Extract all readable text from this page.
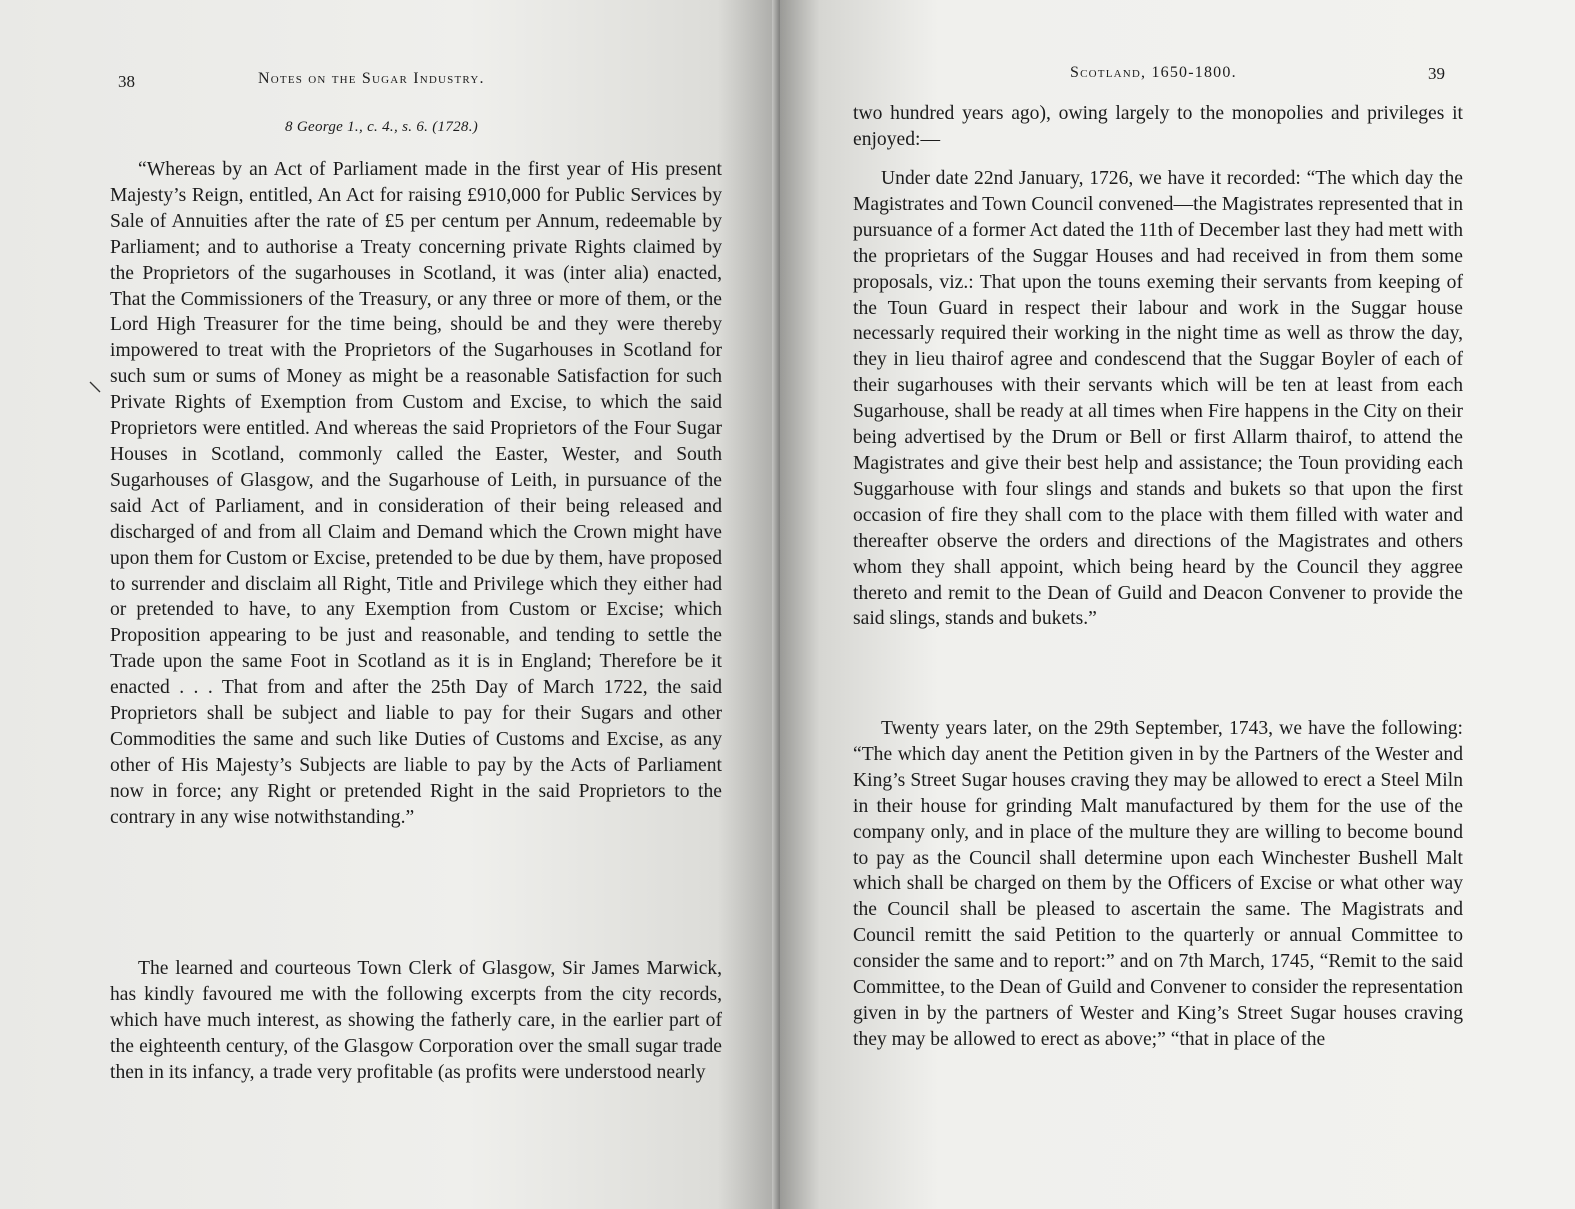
38	Notes on the Sugar Industry.
8 George 1., c. 4., s. 6. (1728.)

“Whereas by an Act of Parliament made in the first year of His present Majesty’s Reign, entitled, An Act for raising £910,000 for Public Services by Sale of Annuities after the rate of £5 per centum per Annum, redeemable by Parliament; and to authorise a Treaty concerning private Rights claimed by the Proprietors of the sugarhouses in Scotland, it was (inter alia) enacted, That the Commissioners of the Treasury, or any three or more of them, or the Lord High Treasurer for the time being, should be and they were thereby impowered to treat with the Proprietors of the Sugarhouses in Scotland for such sum or sums of Money as might be a reasonable Satisfaction for such Private Rights of Exemption from Custom and Excise, to which the said Proprietors were entitled. And whereas the said Proprietors of the Four Sugar Houses in Scotland, commonly called the Easter, Wester, and South Sugarhouses of Glasgow, and the Sugarhouse of Leith, in pursuance of the said Act of Parliament, and in consideration of their being released and discharged of and from all Claim and Demand which the Crown might have upon them for Custom or Excise, pretended to be due by them, have proposed to surrender and disclaim all Right, Title and Privilege which they either had or pretended to have, to any Exemption from Custom or Excise; which Proposition appearing to be just and reasonable, and tending to settle the Trade upon the same Foot in Scotland as it is in England; Therefore be it enacted . . . That from and after the 25th Day of March 1722, the said Proprietors shall be subject and liable to pay for their Sugars and other Commodities the same and such like Duties of Customs and Excise, as any other of His Majesty’s Subjects are liable to pay by the Acts of Parliament now in force; any Right or pretended Right in the said Proprietors to the contrary in any wise notwithstanding.”

The learned and courteous Town Clerk of Glasgow, Sir James Marwick, has kindly favoured me with the following excerpts from the city records, which have much interest, as showing the fatherly care, in the earlier part of the eighteenth century, of the Glasgow Corporation over the small sugar trade then in its infancy, a trade very profitable (as profits were understood nearly

Scotland, 1650-1800.	39

two hundred years ago), owing largely to the monopolies and privileges it enjoyed:—

Under date 22nd January, 1726, we have it recorded: “The which day the Magistrates and Town Council convened—the Magistrates represented that in pursuance of a former Act dated the 11th of December last they had mett with the proprietars of the Suggar Houses and had received in from them some proposals, viz.: That upon the touns exeming their servants from keeping of the Toun Guard in respect their labour and work in the Suggar house necessarly required their working in the night time as well as throw the day, they in lieu thairof agree and condescend that the Suggar Boyler of each of their sugarhouses with their servants which will be ten at least from each Sugarhouse, shall be ready at all times when Fire happens in the City on their being advertised by the Drum or Bell or first Allarm thairof, to attend the Magistrates and give their best help and assistance; the Toun providing each Suggarhouse with four slings and stands and bukets so that upon the first occasion of fire they shall com to the place with them filled with water and thereafter observe the orders and directions of the Magistrates and others whom they shall appoint, which being heard by the Council they aggree thereto and remit to the Dean of Guild and Deacon Convener to provide the said slings, stands and bukets.”

Twenty years later, on the 29th September, 1743, we have the following: “The which day anent the Petition given in by the Partners of the Wester and King’s Street Sugar houses craving they may be allowed to erect a Steel Miln in their house for grinding Malt manufactured by them for the use of the company only, and in place of the multure they are willing to become bound to pay as the Council shall determine upon each Winchester Bushell Malt which shall be charged on them by the Officers of Excise or what other way the Council shall be pleased to ascertain the same. The Magistrats and Council remitt the said Petition to the quarterly or annual Committee to consider the same and to report:” and on 7th March, 1745, “Remit to the said Committee, to the Dean of Guild and Convener to consider the representation given in by the partners of Wester and King’s Street Sugar houses craving they may be allowed to erect as above;” “that in place of the
